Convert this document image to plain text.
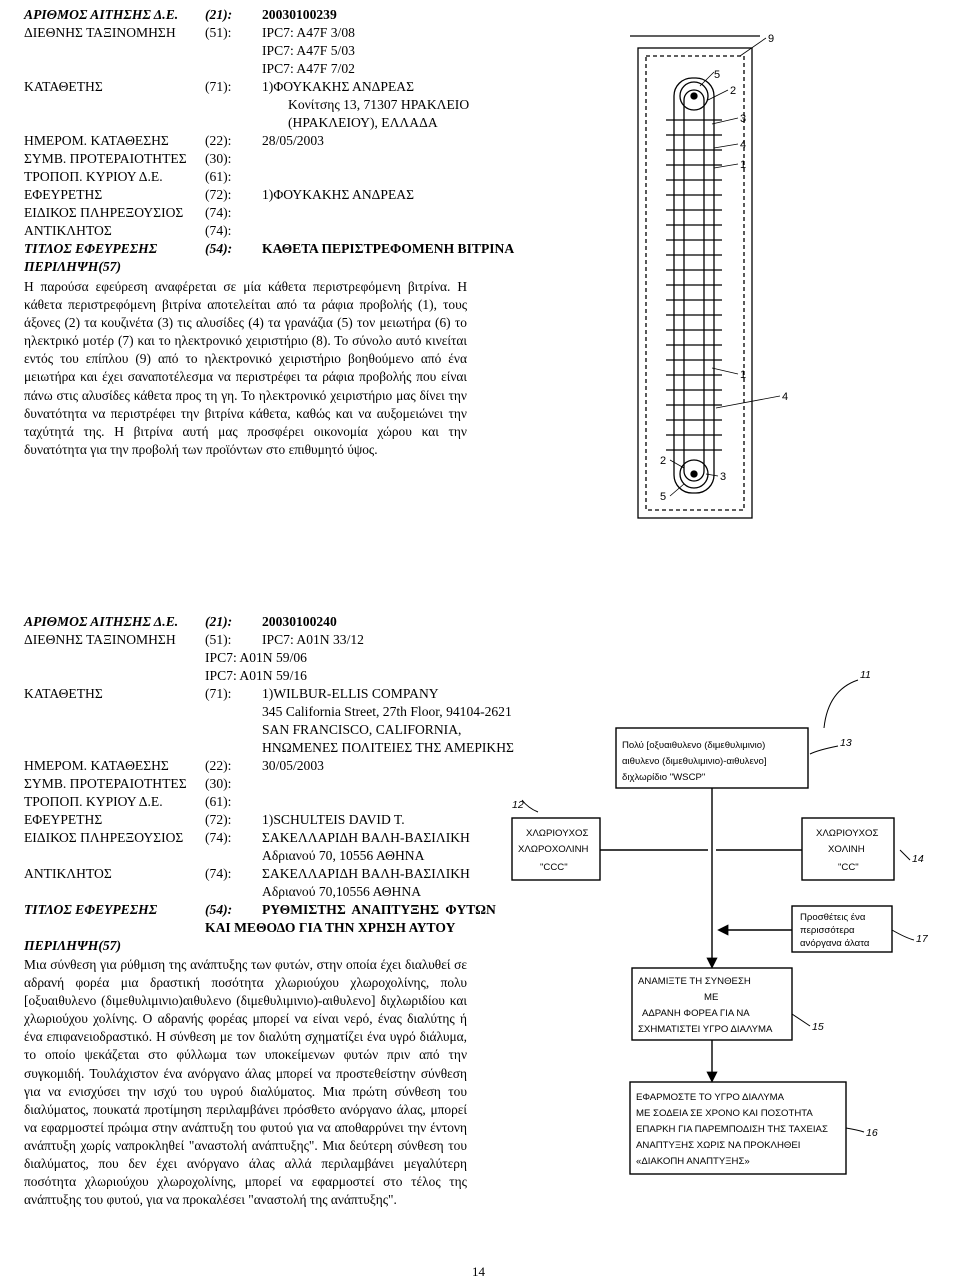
ΑΡΙΘΜΟΣ ΑΙΤΗΣΗΣ Δ.Ε. (21): 20030100239
ΔΙΕΘΝΗΣ ΤΑΞΙΝΟΜΗΣΗ (51): IPC7: A47F 3/08
IPC7: A47F 5/03
IPC7: A47F 7/02
ΚΑΤΑΘΕΤΗΣ	(71): 1)ΦΟΥΚΑΚΗΣ ΑΝΔΡΕΑΣ
Κονίτσης 13, 71307 ΗΡΑΚΛΕΙΟ
(ΗΡΑΚΛΕΙΟΥ), ΕΛΛΑΔΑ
ΗΜΕΡΟΜ. ΚΑΤΑΘΕΣΗΣ	(22): 28/05/2003
ΣΥΜΒ. ΠΡΟΤΕΡΑΙΟΤΗΤΕΣ (30):
ΤΡΟΠΟΠ. ΚΥΡΙΟΥ Δ.Ε.	(61):
ΕΦΕΥΡΕΤΗΣ	(72): 1)ΦΟΥΚΑΚΗΣ ΑΝΔΡΕΑΣ
ΕΙΔΙΚΟΣ ΠΛΗΡΕΞΟΥΣΙΟΣ (74):
ΑΝΤΙΚΛΗΤΟΣ	(74):
ΤΙΤΛΟΣ ΕΦΕΥΡΕΣΗΣ	(54): ΚΑΘΕΤΑ ΠΕΡΙΣΤΡΕΦΟΜΕΝΗ ΒΙΤΡΙΝΑ
ΠΕΡΙΛΗΨΗ(57)

Η παρούσα εφεύρεση αναφέρεται σε μία κάθετα περιστρεφόμενη βιτρίνα. Η κάθετα περιστρεφόμενη βιτρίνα αποτελείται από τα ράφια προβολής (1), τους άξονες (2) τα κουζινέτα (3) τις αλυσίδες (4) τα γρανάζια (5) τον μειωτήρα (6) το ηλεκτρικό μοτέρ (7) και το ηλεκτρονικό χειριστήριο (8). Το σύνολο αυτό κινείται εντός του επίπλου (9) από το ηλεκτρονικό χειριστήριο βοηθούμενο από ένα μειωτήρα και έχει σαναποτέλεσμα να περιστρέφει τα ράφια προβολής που είναι πάνω στις αλυσίδες κάθετα προς τη γη. Το ηλεκτρονικό χειριστήριο μας δίνει την δυνατότητα να περιστρέφει την βιτρίνα κάθετα, καθώς και να αυξομειώνει την ταχύτητά της. Η βιτρίνα αυτή μας προσφέρει οικονομία χώρου και την δυνατότητα για την προβολή των προϊόντων στο επιθυμητό ύψος.

9
5
2
3
4
1
1
4
2
3
5
ΑΡΙΘΜΟΣ ΑΙΤΗΣΗΣ Δ.Ε. (21): 20030100240
ΔΙΕΘΝΗΣ ΤΑΞΙΝΟΜΗΣΗ (51): IPC7: A01N 33/12
IPC7: A01N 59/06
IPC7: A01N 59/16
ΚΑΤΑΘΕΤΗΣ	(71): 1)WILBUR-ELLIS COMPANY
345 California Street, 27th Floor, 94104-2621
SAN FRANCISCO, CALIFORNIA,
ΗΝΩΜΕΝΕΣ ΠΟΛΙΤΕΙΕΣ ΤΗΣ ΑΜΕΡΙΚΗΣ
ΗΜΕΡΟΜ. ΚΑΤΑΘΕΣΗΣ	(22): 30/05/2003
ΣΥΜΒ. ΠΡΟΤΕΡΑΙΟΤΗΤΕΣ (30):
ΤΡΟΠΟΠ. ΚΥΡΙΟΥ Δ.Ε.	(61):
ΕΦΕΥΡΕΤΗΣ	(72): 1)SCHULTEIS DAVID T.
ΕΙΔΙΚΟΣ ΠΛΗΡΕΞΟΥΣΙΟΣ (74): ΣΑΚΕΛΛΑΡΙΔΗ ΒΑΛΗ-ΒΑΣΙΛΙΚΗ
Αδριανού 70, 10556 ΑΘΗΝΑ
ΑΝΤΙΚΛΗΤΟΣ	(74): ΣΑΚΕΛΛΑΡΙΔΗ ΒΑΛΗ-ΒΑΣΙΛΙΚΗ
Αδριανού 70,10556 ΑΘΗΝΑ
ΤΙΤΛΟΣ ΕΦΕΥΡΕΣΗΣ	(54): ΡΥΘΜΙΣΤΗΣ ΑΝΑΠΤΥΞΗΣ ΦΥΤΩΝ
ΚΑΙ ΜΕΘΟΔΟ ΓΙΑ ΤΗΝ ΧΡΗΣΗ ΑΥΤΟΥ
ΠΕΡΙΛΗΨΗ(57)

Μια σύνθεση για ρύθμιση της ανάπτυξης των φυτών, στην οποία έχει διαλυθεί σε αδρανή φορέα μια δραστική ποσότητα χλωριούχου χλωροχολίνης, πολυ [οξυαιθυλενο (διμεθυλιμινιο)αιθυλενο (διμεθυλιμινιο)-αιθυλενο] διχλωριδίου και χλωριούχου χολίνης. Ο αδρανής φορέας μπορεί να είναι νερό, ένας διαλύτης ή ένα επιφανειοδραστικό. Η σύνθεση με τον διαλύτη σχηματίζει ένα υγρό διάλυμα, το οποίο ψεκάζεται στο φύλλωμα των υποκείμενων φυτών πριν από την συγκομιδή. Τουλάχιστον ένα ανόργανο άλας μπορεί να προστεθείστην σύνθεση για να ενισχύσει την ισχύ του υγρού διαλύματος. Μια πρώτη σύνθεση του διαλύματος, πουκατά προτίμηση περιλαμβάνει πρόσθετο ανόργανο άλας, μπορεί να εφαρμοστεί πρώιμα στην ανάπτυξη του φυτού για να αποθαρρύνει την έντονη ανάπτυξη χωρίς ναπροκληθεί "αναστολή ανάπτυξης". Μια δεύτερη σύνθεση του διαλύματος, που δεν έχει ανόργανο άλας αλλά περιλαμβάνει μεγαλύτερη ποσότητα χλωριούχου χλωροχολίνης, μπορεί να εφαρμοστεί στο τέλος της ανάπτυξης του φυτού, για να προκαλέσει "αναστολή της ανάπτυξης".

11
13
12
14
17
15
16
Πολύ [οξυαιθυλενο (διμεθυλιμινιο)
αιθυλενο (διμεθυλιμινιο)-αιθυλενο]
διχλωρίδιο "WSCP"
ΧΛΩΡΙΟΥΧΟΣ
ΧΛΩΡΟΧΟΛΙΝΗ
"CCC"
ΧΛΩΡΙΟΥΧΟΣ
ΧΟΛΙΝΗ
"CC"
Προσθέτεις ένα
περισσότερα
ανόργανα άλατα
ΑΝΑΜΙΞΤΕ ΤΗ ΣΥΝΘΕΣΗ
ΜΕ
ΑΔΡΑΝΗ ΦΟΡΕΑ ΓΙΑ ΝΑ
ΣΧΗΜΑΤΙΣΤΕΙ ΥΓΡΟ ΔΙΑΛΥΜΑ
ΕΦΑΡΜΟΣΤΕ ΤΟ ΥΓΡΟ ΔΙΑΛΥΜΑ
ΜΕ ΣΟΔΕΙΑ ΣΕ ΧΡΟΝΟ ΚΑΙ ΠΟΣΟΤΗΤΑ
ΕΠΑΡΚΗ ΓΙΑ ΠΑΡΕΜΠΟΔΙΣΗ ΤΗΣ ΤΑΧΕΙΑΣ
ΑΝΑΠΤΥΞΗΣ ΧΩΡΙΣ ΝΑ ΠΡΟΚΛΗΘΕΙ
«ΔΙΑΚΟΠΗ ΑΝΑΠΤΥΞΗΣ»
14
